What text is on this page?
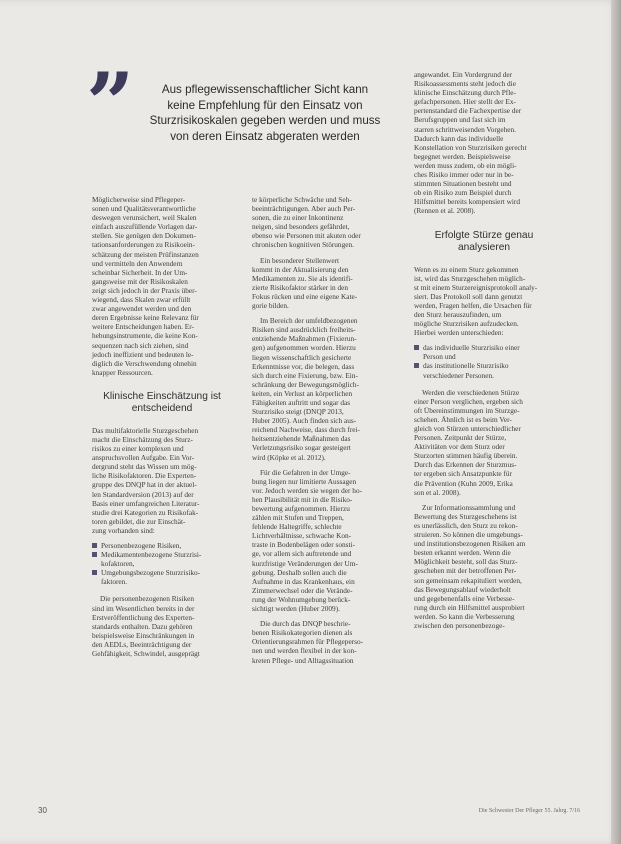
”	Aus pflegewissenschaftlicher Sicht kann
keine Empfehlung für den Einsatz von
Sturzrisikoskalen gegeben werden und muss
von deren Einsatz abgeraten werden

Möglicherweise sind Pflegeper-
sonen und Qualitätsverantwortliche
deswegen verunsichert, weil Skalen
einfach auszufüllende Vorlagen dar-
stellen. Sie genügen den Dokumen-
tationsanforderungen zu Risikoein-
schätzung der meisten Prüfinstanzen
und vermitteln den Anwendern
scheinbar Sicherheit. In der Um-
gangsweise mit der Risikoskalen
zeigt sich jedoch in der Praxis über-
wiegend, dass Skalen zwar erfüllt
zwar angewendet werden und den
deren Ergebnisse keine Relevanz für
weitere Entscheidungen haben. Er-
hebungsinstrumente, die keine Kon-
sequenzen nach sich ziehen, sind
jedoch ineffizient und bedeuten le-
diglich die Verschwendung ohnehin
knapper Ressourcen.

Klinische Einschätzung ist entscheidend

Das multifaktorielle Sturzgeschehen
macht die Einschätzung des Sturz-
risikos zu einer komplexen und
anspruchsvollen Aufgabe. Ein Vor-
dergrund steht das Wissen um mög-
liche Risikofaktoren. Die Experten-
gruppe des DNQP hat in der aktuel-
len Standardversion (2013) auf der
Basis einer umfangreichen Literatur-
studie drei Kategorien zu Risikofak-
toren gebildet, die zur Einschät-
zung vorhanden sind:

Personenbezogene Risiken,
Medikamentenbezogene Sturzrisi-
kofaktoren,
Umgebungsbezogene Sturzrisiko-
faktoren.

Die personenbezogenen Risiken
sind im Wesentlichen bereits in der
Erstveröffentlichung des Experten-
standards enthalten. Dazu gehören
beispielsweise Einschränkungen in
den AEDLs, Beeinträchtigung der
Gehfähigkeit, Schwindel, ausgeprägt

te körperliche Schwäche und Seh-
beeinträchtigungen. Aber auch Per-
sonen, die zu einer Inkontinenz
neigen, sind besonders gefährdet,
ebenso wie Personen mit akuten oder
chronischen kognitiven Störungen.

Ein besonderer Stellenwert
kommt in der Aktualisierung den
Medikamenten zu. Sie als identifi-
zierte Risikofaktor stärker in den
Fokus rücken und eine eigene Kate-
gorie bilden.

Im Bereich der umfeldbezogenen
Risiken sind ausdrücklich freiheits-
entziehende Maßnahmen (Fixierun-
gen) aufgenommen worden. Hierzu
liegen wissenschaftlich gesicherte
Erkenntnisse vor, die belegen, dass
sich durch eine Fixierung, bzw. Ein-
schränkung der Bewegungsmöglich-
keiten, ein Verlust an körperlichen
Fähigkeiten auftritt und sogar das
Sturzrisiko steigt (DNQP 2013,
Huber 2005). Auch finden sich aus-
reichend Nachweise, dass durch frei-
heitsentziehende Maßnahmen das
Verletzungsrisiko sogar gesteigert
wird (Köpke et al. 2012).

Für die Gefahren in der Umge-
bung liegen nur limitierte Aussagen
vor. Jedoch werden sie wegen der ho-
hen Plausibilität mit in die Risiko-
bewertung aufgenommen. Hierzu
zählen mit Stufen und Treppen,
fehlende Haltegriffe, schlechte
Lichtverhältnisse, schwache Kon-
traste in Bodenbelägen oder sonsti-
ge, vor allem sich auftretende und
kurzfristige Veränderungen der Um-
gebung. Deshalb sollen auch die
Aufnahme in das Krankenhaus, ein
Zimmerwechsel oder die Verände-
rung der Wohnumgebung berück-
sichtigt werden (Huber 2009).

Die durch das DNQP beschrie-
benen Risikokategorien dienen als
Orientierungsrahmen für Pflegeperso-
nen und werden flexibel in der kon-
kreten Pflege- und Alltagssituation

angewandet. Ein Vordergrund der
Risikoassessments steht jedoch die
klinische Einschätzung durch Pfle-
gefachpersonen. Hier stellt der Ex-
pertenstandard die Fachexpertise der
Berufsgruppen und fast sich im
starren schrittweisenden Vorgehen.
Dadurch kann das individuelle
Konstellation von Sturzrisiken gerecht
begegnet werden. Beispielsweise
werden muss zudem, ob ein mögli-
ches Risiko immer oder nur in be-
stimmten Situationen besteht und
ob ein Risiko zum Beispiel durch
Hilfsmittel bereits kompensiert wird
(Rennen et al. 2008).

Erfolgte Stürze genau analysieren

Wenn es zu einem Sturz gekommen
ist, wird das Sturzgeschehen möglich-
st mit einem Sturzereignisprotokoll analy-
siert. Das Protokoll soll dann genutzt
werden, Fragen helfen, die Ursachen für
den Sturz herauszufinden, um
mögliche Sturzrisiken aufzudecken.
Hierbei werden unterschieden:

das individuelle Sturzrisiko einer
Person und
das institutionelle Sturzrisiko
verschiedener Personen.

Werden die verschiedenen Stürze
einer Person verglichen, ergeben sich
oft Übereinstimmungen im Sturzge-
schehen. Ähnlich ist es beim Ver-
gleich von Stürzen unterschiedlicher
Personen. Zeitpunkt der Stürze,
Aktivitäten vor dem Sturz oder
Sturzorten stimmen häufig überein.
Durch das Erkennen der Sturzmus-
ter ergeben sich Ansatzpunkte für
die Prävention (Kuhn 2009, Erika
son et al. 2008).

Zur Informationssammlung und
Bewertung des Sturzgeschehens ist
es unerlässlich, den Sturz zu rekon-
struieren. So können die umgebungs-
und institutionsbezogenen Risiken am
besten erkannt werden. Wenn die
Möglichkeit besteht, soll das Sturz-
geschehen mit der betroffenen Per-
son gemeinsam rekapituliert werden,
das Bewegungsablauf wiederholt
und gegebenenfalls eine Verbesse-
rung durch ein Hilfsmittel ausprobiert
werden. So kann die Verbesserung
zwischen den personenbezoge-

30	Die Schwester Der Pfleger 55. Jahrg. 7/16
